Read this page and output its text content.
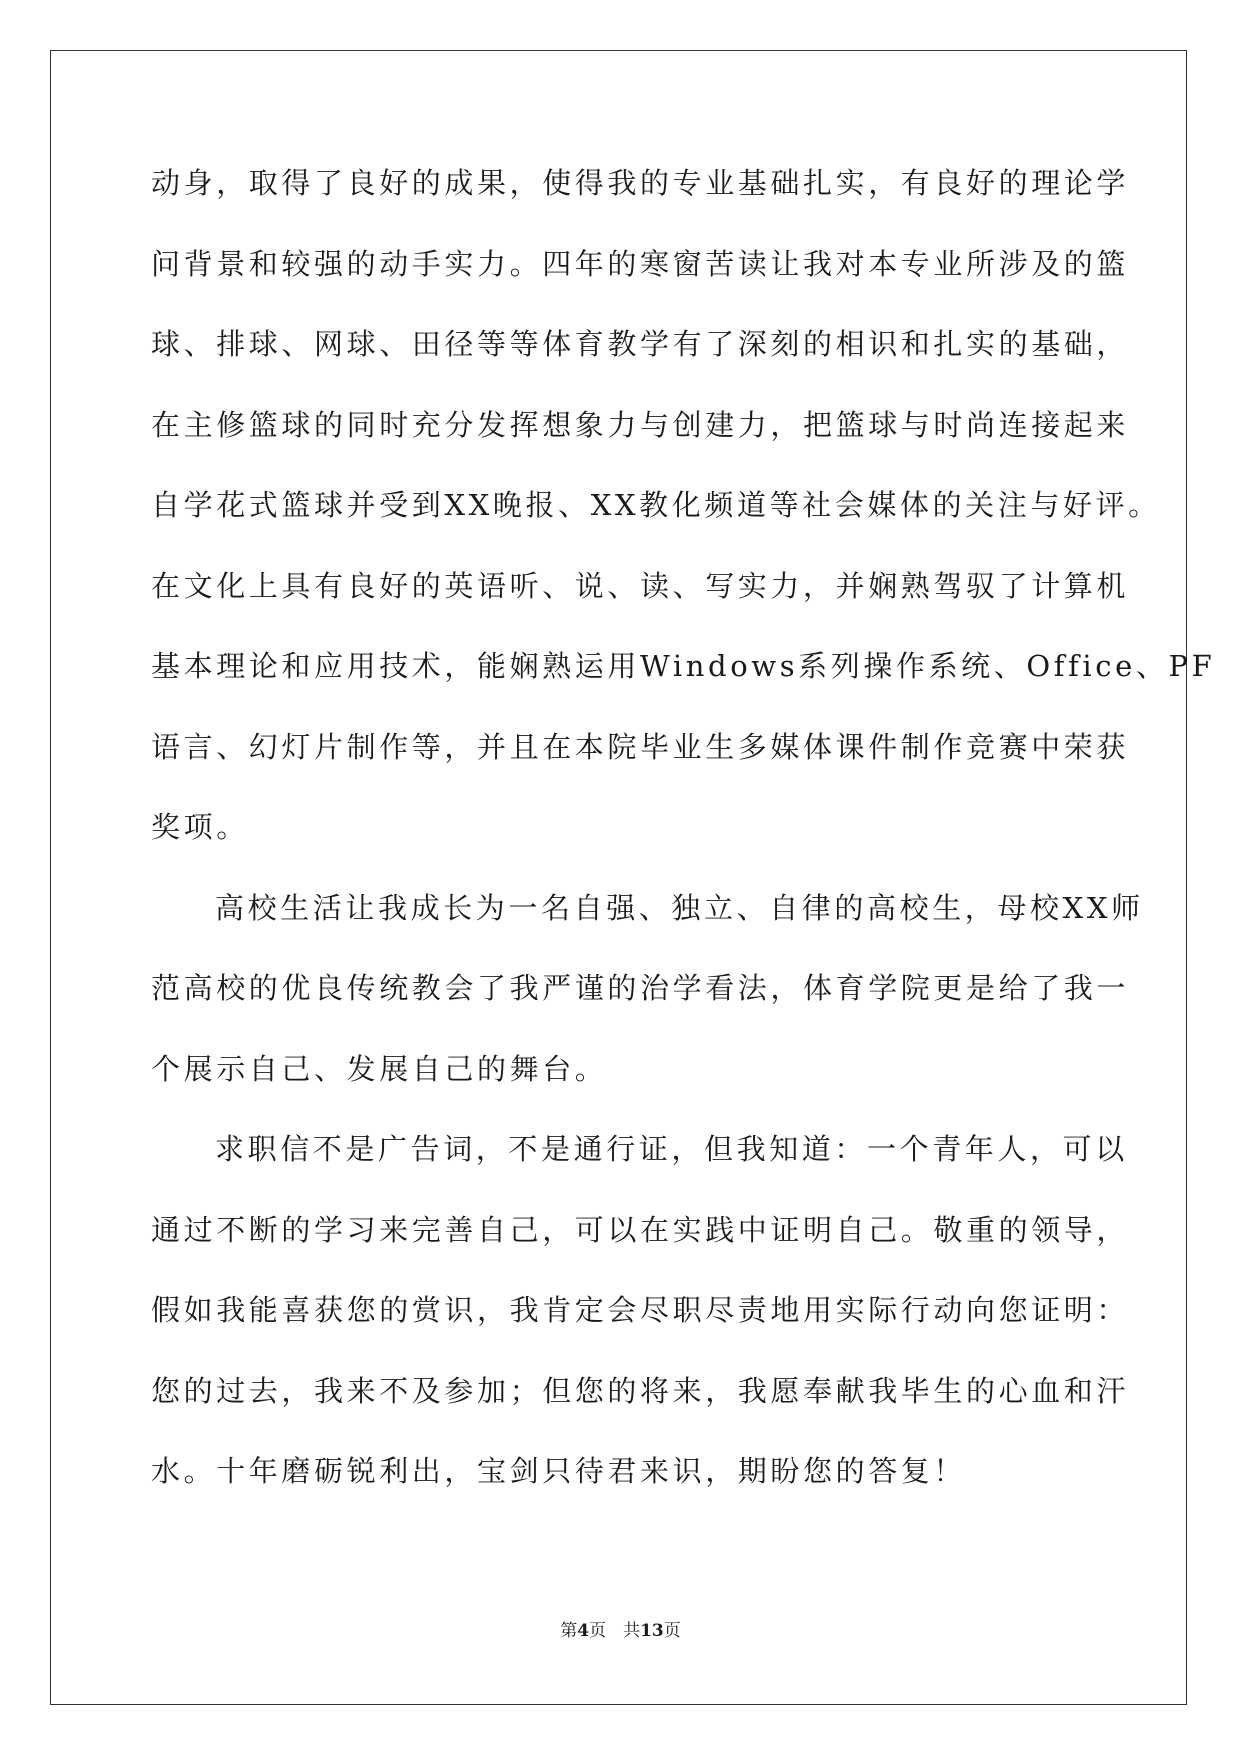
动身，取得了良好的成果，使得我的专业基础扎实，有良好的理论学
问背景和较强的动手实力。四年的寒窗苦读让我对本专业所涉及的篮
球、排球、网球、田径等等体育教学有了深刻的相识和扎实的基础，
在主修篮球的同时充分发挥想象力与创建力，把篮球与时尚连接起来
自学花式篮球并受到XX晚报、XX教化频道等社会媒体的关注与好评。
在文化上具有良好的英语听、说、读、写实力，并娴熟驾驭了计算机
基本理论和应用技术，能娴熟运用Windows系列操作系统、Office、PF
语言、幻灯片制作等，并且在本院毕业生多媒体课件制作竞赛中荣获
奖项。
高校生活让我成长为一名自强、独立、自律的高校生，母校XX师
范高校的优良传统教会了我严谨的治学看法，体育学院更是给了我一
个展示自己、发展自己的舞台。
求职信不是广告词，不是通行证，但我知道：一个青年人，可以
通过不断的学习来完善自己，可以在实践中证明自己。敬重的领导，
假如我能喜获您的赏识，我肯定会尽职尽责地用实际行动向您证明：
您的过去，我来不及参加；但您的将来，我愿奉献我毕生的心血和汗
水。十年磨砺锐利出，宝剑只待君来识，期盼您的答复！
第4页　共13页
